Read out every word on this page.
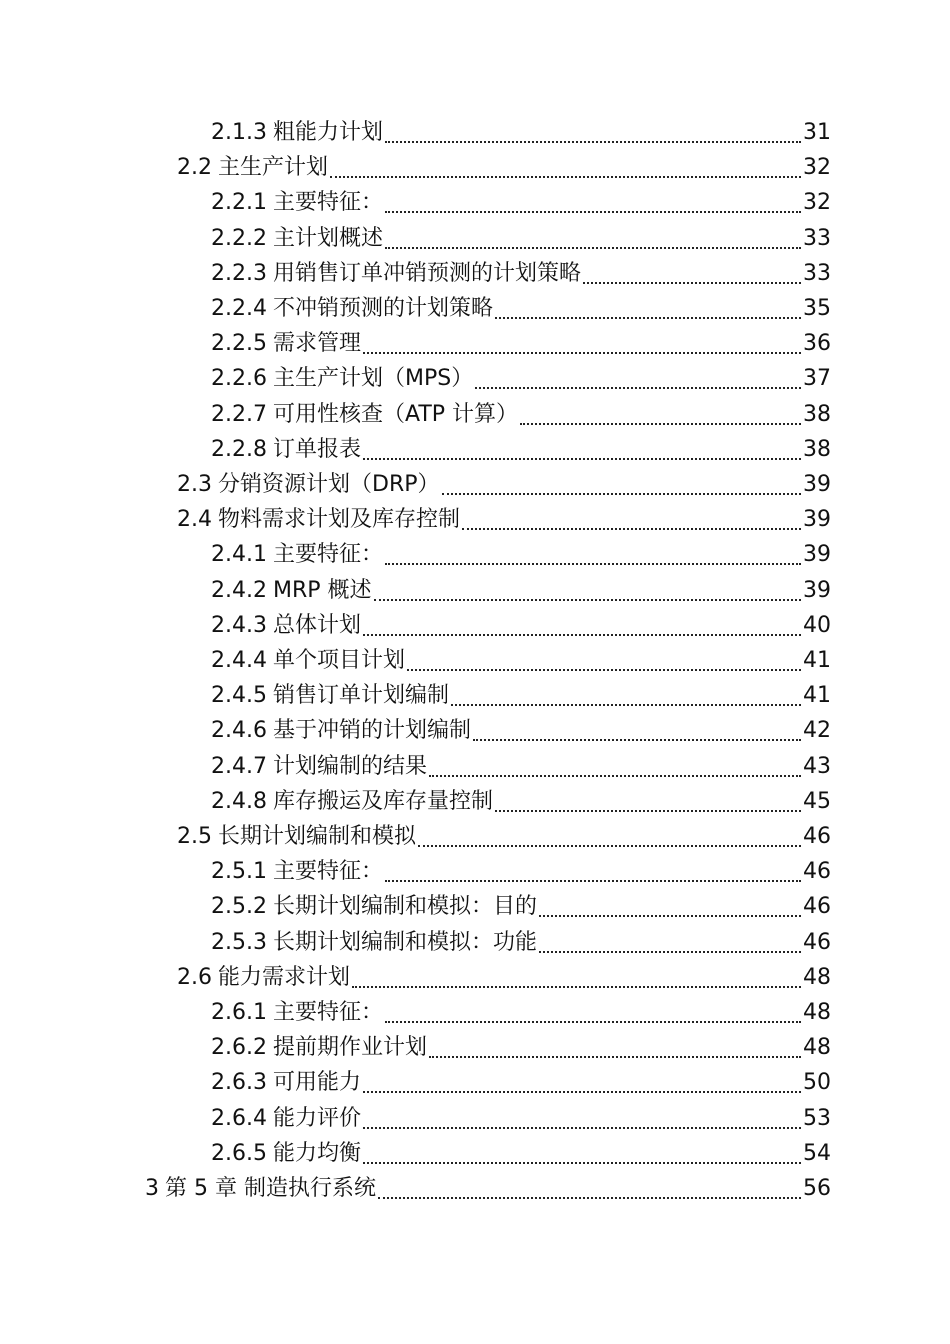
2.1.3 粗能力计划	31
2.2 主生产计划	32
2.2.1 主要特征：	32
2.2.2 主计划概述	33
2.2.3 用销售订单冲销预测的计划策略	33
2.2.4 不冲销预测的计划策略	35
2.2.5 需求管理	36
2.2.6 主生产计划（MPS）	37
2.2.7 可用性核查（ATP 计算）	38
2.2.8 订单报表	38
2.3 分销资源计划（DRP）	39
2.4 物料需求计划及库存控制	39
2.4.1 主要特征：	39
2.4.2 MRP 概述	39
2.4.3 总体计划	40
2.4.4 单个项目计划	41
2.4.5 销售订单计划编制	41
2.4.6 基于冲销的计划编制	42
2.4.7 计划编制的结果	43
2.4.8 库存搬运及库存量控制	45
2.5 长期计划编制和模拟	46
2.5.1 主要特征：	46
2.5.2 长期计划编制和模拟：目的	46
2.5.3 长期计划编制和模拟：功能	46
2.6 能力需求计划	48
2.6.1 主要特征：	48
2.6.2 提前期作业计划	48
2.6.3 可用能力	50
2.6.4 能力评价	53
2.6.5 能力均衡	54
3 第 5 章 制造执行系统	56
